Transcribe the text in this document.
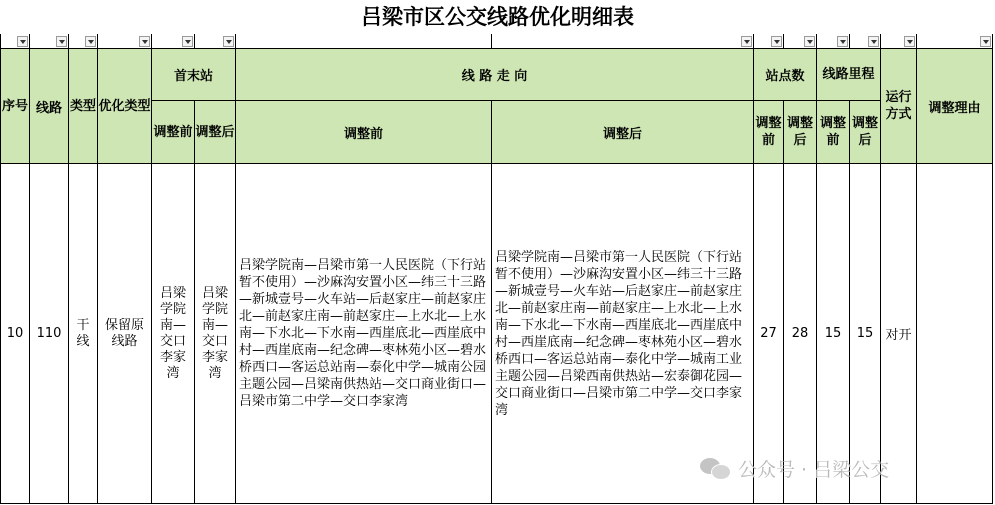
吕梁市区公交线路优化明细表

序号	线路	类型	优化类型	首末站		线 路 走 向		站点数		线路里程		运行方式	调整理由
				调整前	调整后	调整前	调整后	调整前	调整后	调整前	调整后		
10	110	干线	保留原线路	吕梁学院南—交口李家湾	吕梁学院南—交口李家湾	吕梁学院南—吕梁市第一人民医院（下行站暂不使用）—沙麻沟安置小区—纬三十三路—新城壹号—火车站—后赵家庄—前赵家庄北—前赵家庄南—前赵家庄—上水北—上水南—下水北—下水南—西崖底北—西崖底中村—西崖底南—纪念碑—枣林苑小区—碧水桥西口—客运总站南—泰化中学—城南公园主题公园—吕梁南供热站—交口商业街口—吕梁市第二中学—交口李家湾	吕梁学院南—吕梁市第一人民医院（下行站暂不使用）—沙麻沟安置小区—纬三十三路—新城壹号—火车站—后赵家庄—前赵家庄北—前赵家庄南—前赵家庄—上水北—上水南—下水北—下水南—西崖底北—西崖底中村—西崖底南—纪念碑—枣林苑小区—碧水桥西口—客运总站南—泰化中学—城南工业主题公园—吕梁西南供热站—宏泰御花园—交口商业街口—吕梁市第二中学—交口李家湾	27	28	15	15	对开	
公众号 · 吕梁公交
